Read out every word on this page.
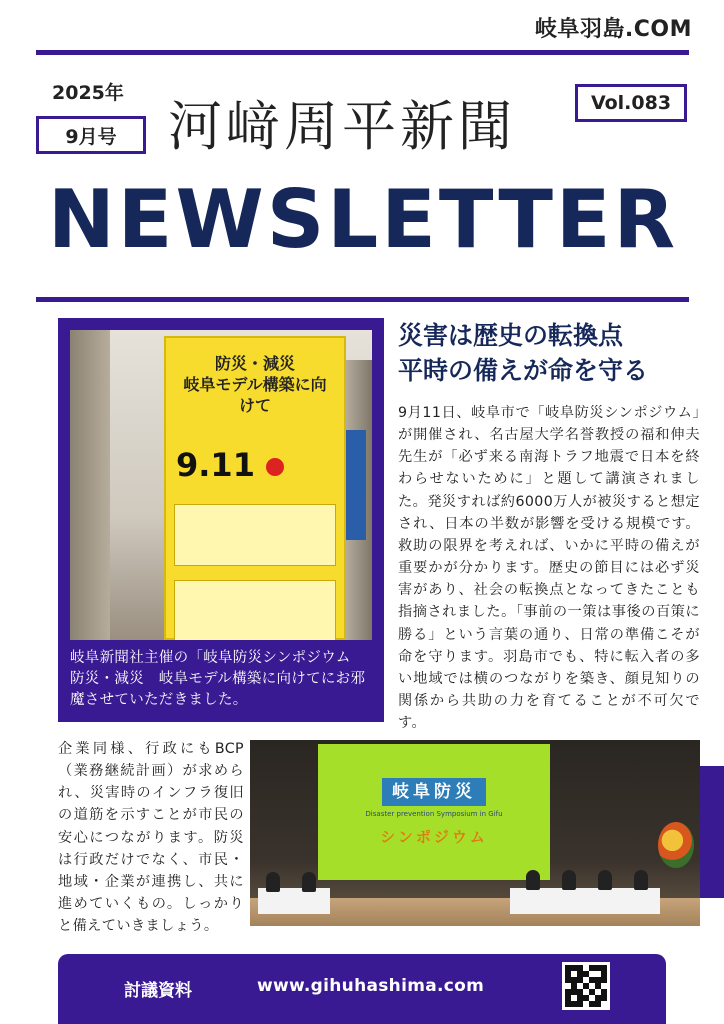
岐阜羽島.COM
2025年
9月号 河﨑周平新聞	Vol.083
NEWSLETTER
防災・減災
岐阜モデル構築に向けて
9.11
岐阜新聞社主催の「岐阜防災シンポジウム　防災・減災　岐阜モデル構築に向けてにお邪魔させていただきました。
災害は歴史の転換点
平時の備えが命を守る
9月11日、岐阜市で「岐阜防災シンポジウム」が開催され、名古屋大学名誉教授の福和伸夫先生が「必ず来る南海トラフ地震で日本を終わらせないために」と題して講演されました。発災すれば約6000万人が被災すると想定され、日本の半数が影響を受ける規模です。救助の限界を考えれば、いかに平時の備えが重要かが分かります。歴史の節目には必ず災害があり、社会の転換点となってきたことも指摘されました。「事前の一策は事後の百策に勝る」という言葉の通り、日常の準備こそが命を守ります。羽島市でも、特に転入者の多い地域では横のつながりを築き、顔見知りの関係から共助の力を育てることが不可欠です。
企業同様、行政にもBCP（業務継続計画）が求められ、災害時のインフラ復旧の道筋を示すことが市民の安心につながります。防災は行政だけでなく、市民・地域・企業が連携し、共に進めていくもの。しっかりと備えていきましょう。
岐阜防災
Disaster prevention Symposium in Gifu
シンポジウム
討議資料	www.gihuhashima.com
